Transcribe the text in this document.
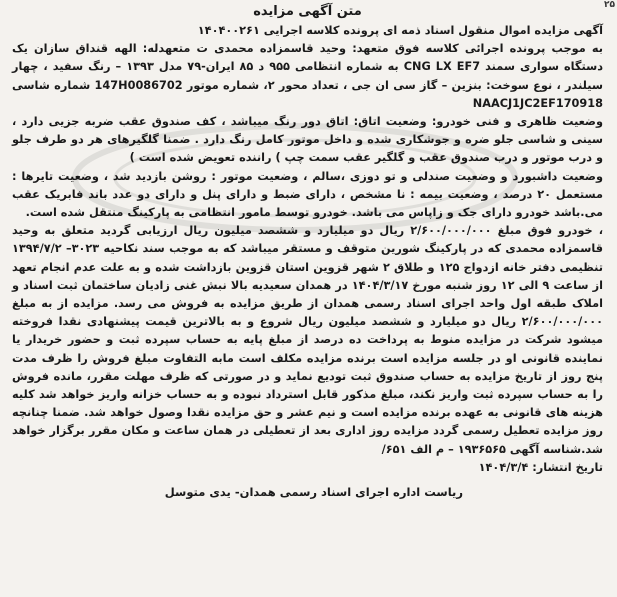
۲۵
متن آگهی مزایده

آگهی مزایده اموال منقول اسناد ذمه ای پرونده کلاسه اجرایی ۱۴۰۴۰۰۲۶۱

به موجب پرونده اجرائی کلاسه فوق متعهد: وحید قاسمزاده محمدی ت متعهدله: الهه قنداق سازان یک دستگاه سواری سمند CNG LX EF7 به شماره انتظامی ۹۵۵ د ۸۵ ایران-۷۹ مدل ۱۳۹۳ – رنگ سفید ، چهار سیلندر ، نوع سوخت: بنزین – گاز سی ان جی ، تعداد محور ۲، شماره موتور 147H0086702 شماره شاسی NAACJ1JC2EF170918

وضعیت ظاهری و فنی خودرو: وضعیت اتاق: اتاق دور رنگ میباشد ، کف صندوق عقب ضربه جزیی دارد ، سینی و شاسی جلو ضره و جوشکاری شده و داخل موتور کامل رنگ دارد . ضمنا گلگیرهای هر دو طرف جلو و درب موتور و درب صندوق عقب و گلگیر عقب سمت چپ ) راننده تعویض شده است )

وضعیت داشبورد و وضعیت صندلی و تو دوزی ،سالم ، وضعیت موتور : روشن بازدید شد ، وضعیت تایرها : مستعمل ۲۰ درصد ، وضعیت بیمه : نا مشخص ، دارای ضبط و دارای پنل و دارای دو عدد باند فابریک عقب می.باشد خودرو دارای جک و زاپاس می باشد. خودرو توسط مامور انتظامی به پارکینگ منتقل شده است.

، خودرو فوق مبلغ ۲/۶۰۰/۰۰۰/۰۰۰ ریال دو میلیارد و ششصد میلیون ریال ارزیابی گردید متعلق به وحید قاسمزاده محمدی که در پارکینگ شورین متوقف و مستقر میباشد که به موجب سند نکاحیه ۳۰۲۳– ۱۳۹۴/۷/۲ تنظیمی دفتر خانه ازدواج ۱۲۵ و طلاق ۲ شهر قزوین استان قزوین بازداشت شده و به علت عدم انجام تعهد از ساعت ۹ الی ۱۲ روز شنبه مورخ ۱۴۰۴/۳/۱۷ در همدان سعیدیه بالا نبش غنی زادیان ساختمان ثبت اسناد و املاک طبقه اول واحد اجرای اسناد رسمی همدان از طریق مزایده به فروش می رسد. مزایده از به مبلغ ۲/۶۰۰/۰۰۰/۰۰۰ ریال دو میلیارد و ششصد میلیون ریال شروع و به بالاترین قیمت پیشنهادی نقدا فروخته میشود شرکت در مزایده منوط به پرداخت ده درصد از مبلغ پایه به حساب سپرده ثبت و حضور خریدار یا نماینده قانونی او در جلسه مزایده است برنده مزایده مکلف است مابه التفاوت مبلغ فروش را ظرف مدت پنج روز از تاریخ مزایده به حساب صندوق ثبت تودیع نماید و در صورتی که ظرف مهلت مقرر، مانده فروش را به حساب سپرده ثبت واریز نکند، مبلغ مذکور قابل استرداد نبوده و به حساب خزانه واریز خواهد شد کلیه هزینه های قانونی به عهده برنده مزایده است و نیم عشر و حق مزایده نقدا وصول خواهد شد. ضمنا چنانچه روز مزایده تعطیل رسمی گردد مزایده روز اداری بعد از تعطیلی در همان ساعت و مکان مقرر برگزار خواهد شد.شناسه آگهی ۱۹۳۶۵۶۵ – م الف ۶۵۱/

تاریخ انتشار: ۱۴۰۴/۳/۴

ریاست اداره اجرای اسناد رسمی همدان- یدی متوسل
